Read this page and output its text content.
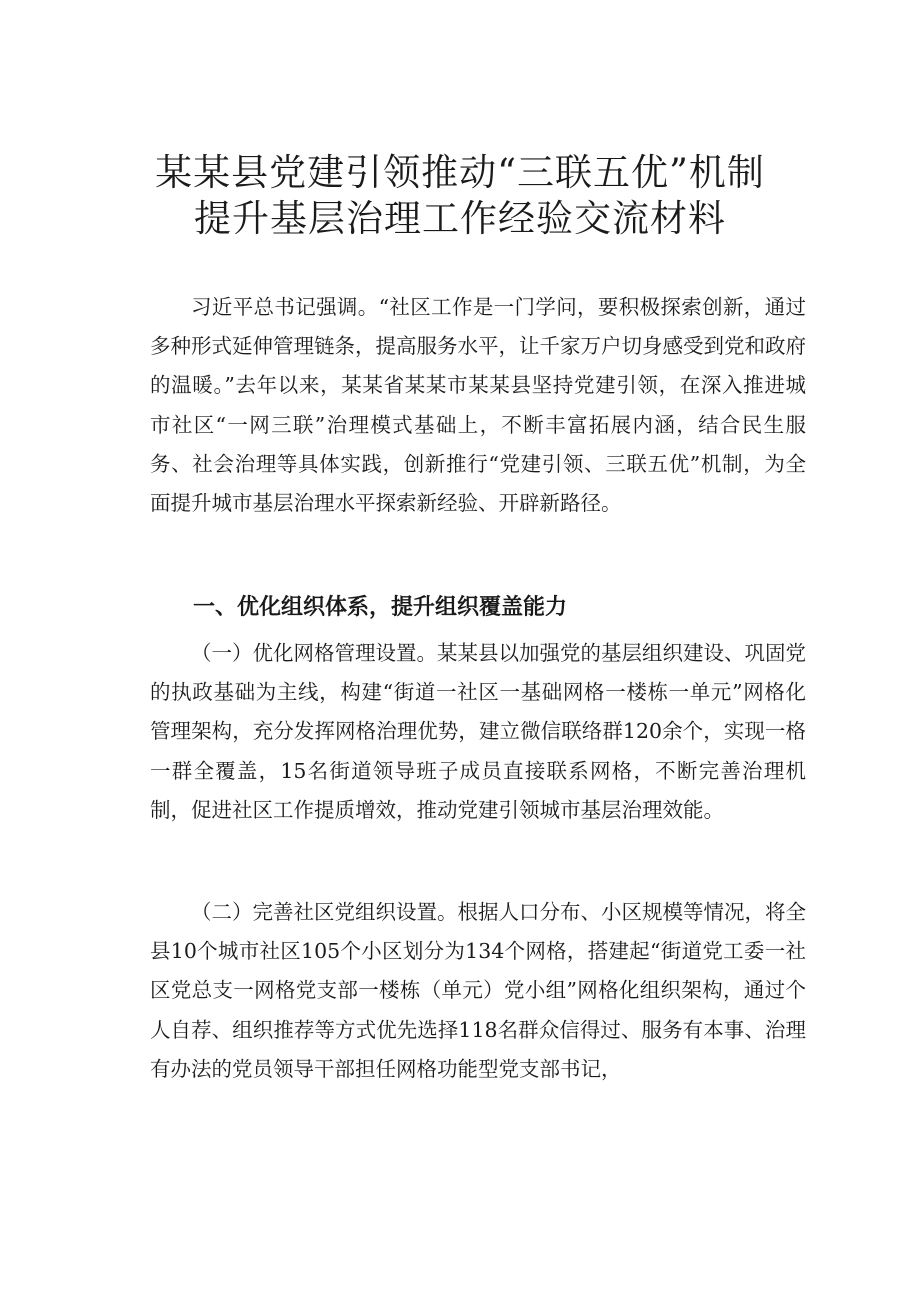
某某县党建引领推动“三联五优”机制
提升基层治理工作经验交流材料

习近平总书记强调。“社区工作是一门学问，要积极探索创新，通过多种形式延伸管理链条，提高服务水平，让千家万户切身感受到党和政府的温暖。”去年以来，某某省某某市某某县坚持党建引领，在深入推进城市社区“一网三联”治理模式基础上，不断丰富拓展内涵，结合民生服务、社会治理等具体实践，创新推行“党建引领、三联五优”机制，为全面提升城市基层治理水平探索新经验、开辟新路径。

一、优化组织体系，提升组织覆盖能力

（一）优化网格管理设置。某某县以加强党的基层组织建设、巩固党的执政基础为主线，构建“街道一社区一基础网格一楼栋一单元”网格化管理架构，充分发挥网格治理优势，建立微信联络群120余个，实现一格一群全覆盖，15名街道领导班子成员直接联系网格，不断完善治理机制，促进社区工作提质增效，推动党建引领城市基层治理效能。

（二）完善社区党组织设置。根据人口分布、小区规模等情况，将全县10个城市社区105个小区划分为134个网格，搭建起“街道党工委一社区党总支一网格党支部一楼栋（单元）党小组”网格化组织架构，通过个人自荐、组织推荐等方式优先选择118名群众信得过、服务有本事、治理有办法的党员领导干部担任网格功能型党支部书记，
